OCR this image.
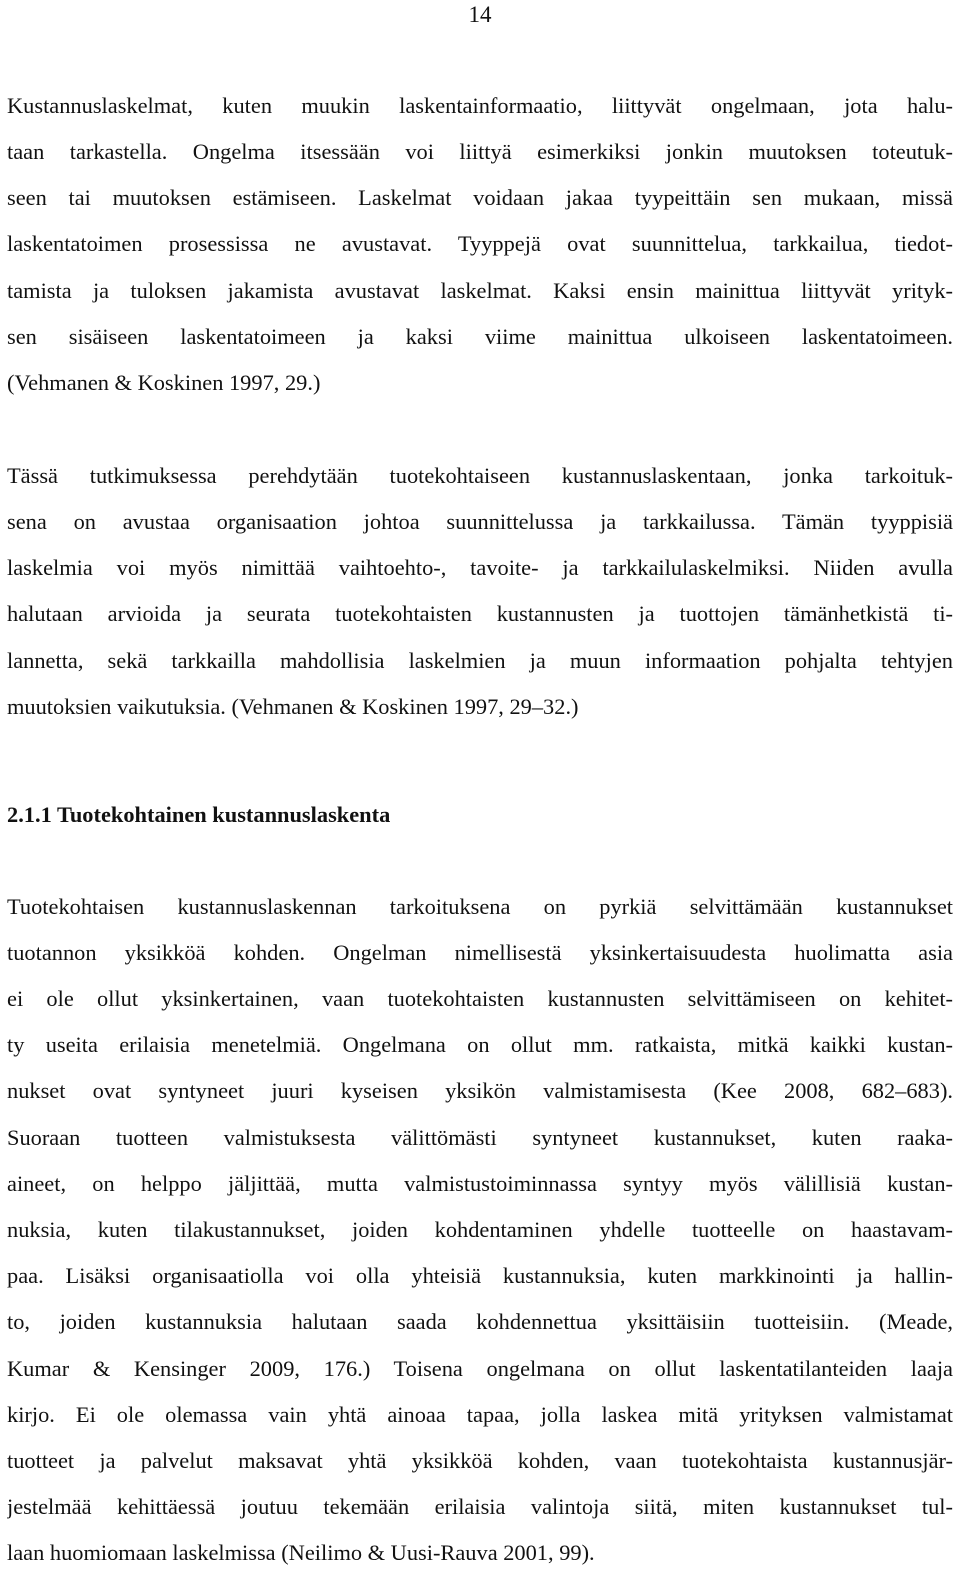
14
Kustannuslaskelmat, kuten muukin laskentainformaatio, liittyvät ongelmaan, jota halu-
taan tarkastella. Ongelma itsessään voi liittyä esimerkiksi jonkin muutoksen toteutuk-
seen tai muutoksen estämiseen. Laskelmat voidaan jakaa tyypeittäin sen mukaan, missä
laskentatoimen prosessissa ne avustavat. Tyyppejä ovat suunnittelua, tarkkailua, tiedot-
tamista ja tuloksen jakamista avustavat laskelmat. Kaksi ensin mainittua liittyvät yrityk-
sen sisäiseen laskentatoimeen ja kaksi viime mainittua ulkoiseen laskentatoimeen.
(Vehmanen & Koskinen 1997, 29.)
Tässä tutkimuksessa perehdytään tuotekohtaiseen kustannuslaskentaan, jonka tarkoituk-
sena on avustaa organisaation johtoa suunnittelussa ja tarkkailussa. Tämän tyyppisiä
laskelmia voi myös nimittää vaihtoehto-, tavoite- ja tarkkailulaskelmiksi. Niiden avulla
halutaan arvioida ja seurata tuotekohtaisten kustannusten ja tuottojen tämänhetkistä ti-
lannetta, sekä tarkkailla mahdollisia laskelmien ja muun informaation pohjalta tehtyjen
muutoksien vaikutuksia. (Vehmanen & Koskinen 1997, 29–32.)
2.1.1 Tuotekohtainen kustannuslaskenta
Tuotekohtaisen kustannuslaskennan tarkoituksena on pyrkiä selvittämään kustannukset
tuotannon yksikköä kohden. Ongelman nimellisestä yksinkertaisuudesta huolimatta asia
ei ole ollut yksinkertainen, vaan tuotekohtaisten kustannusten selvittämiseen on kehitet-
ty useita erilaisia menetelmiä. Ongelmana on ollut mm. ratkaista, mitkä kaikki kustan-
nukset ovat syntyneet juuri kyseisen yksikön valmistamisesta (Kee 2008, 682–683).
Suoraan tuotteen valmistuksesta välittömästi syntyneet kustannukset, kuten raaka-
aineet, on helppo jäljittää, mutta valmistustoiminnassa syntyy myös välillisiä kustan-
nuksia, kuten tilakustannukset, joiden kohdentaminen yhdelle tuotteelle on haastavam-
paa. Lisäksi organisaatiolla voi olla yhteisiä kustannuksia, kuten markkinointi ja hallin-
to, joiden kustannuksia halutaan saada kohdennettua yksittäisiin tuotteisiin. (Meade,
Kumar & Kensinger 2009, 176.) Toisena ongelmana on ollut laskentatilanteiden laaja
kirjo. Ei ole olemassa vain yhtä ainoaa tapaa, jolla laskea mitä yrityksen valmistamat
tuotteet ja palvelut maksavat yhtä yksikköä kohden, vaan tuotekohtaista kustannusjär-
jestelmää kehittäessä joutuu tekemään erilaisia valintoja siitä, miten kustannukset tul-
laan huomiomaan laskelmissa (Neilimo & Uusi-Rauva 2001, 99).
